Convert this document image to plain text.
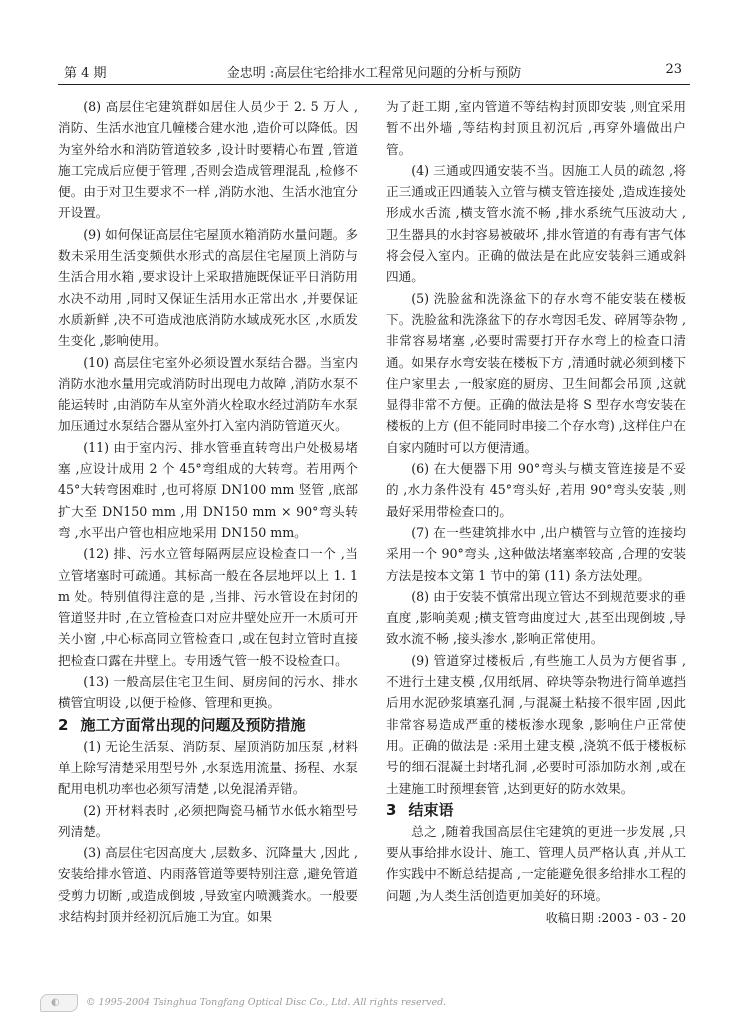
第 4 期	金忠明 :高层住宅给排水工程常见问题的分析与预防	23

(8) 高层住宅建筑群如居住人员少于 2. 5 万人 ,消防、生活水池宜几幢楼合建水池 ,造价可以降低。因为室外给水和消防管道较多 ,设计时要精心布置 ,管道施工完成后应便于管理 ,否则会造成管理混乱 ,检修不便。由于对卫生要求不一样 ,消防水池、生活水池宜分开设置。

(9) 如何保证高层住宅屋顶水箱消防水量问题。多数未采用生活变频供水形式的高层住宅屋顶上消防与生活合用水箱 ,要求设计上采取措施既保证平日消防用水决不动用 ,同时又保证生活用水正常出水 ,并要保证水质新鲜 ,决不可造成池底消防水域成死水区 ,水质发生变化 ,影响使用。

(10) 高层住宅室外必须设置水泵结合器。当室内消防水池水量用完或消防时出现电力故障 ,消防水泵不能运转时 ,由消防车从室外消火栓取水经过消防车水泵加压通过水泵结合器从室外打入室内消防管道灭火。

(11) 由于室内污、排水管垂直转弯出户处极易堵塞 ,应设计成用 2 个 45°弯组成的大转弯。若用两个 45°大转弯困难时 ,也可将原 DN100 mm 竖管 ,底部扩大至 DN150 mm ,用 DN150 mm × 90°弯头转弯 ,水平出户管也相应地采用 DN150 mm。

(12) 排、污水立管每隔两层应设检查口一个 ,当立管堵塞时可疏通。其标高一般在各层地坪以上 1. 1 m 处。特别值得注意的是 ,当排、污水管设在封闭的管道竖井时 ,在立管检查口对应井壁处应开一木质可开关小窗 ,中心标高同立管检查口 ,或在包封立管时直接把检查口露在井壁上。专用透气管一般不设检查口。

(13) 一般高层住宅卫生间、厨房间的污水、排水横管宜明设 ,以便于检修、管理和更换。

2 施工方面常出现的问题及预防措施

(1) 无论生活泵、消防泵、屋顶消防加压泵 ,材料单上除写清楚采用型号外 ,水泵选用流量、扬程、水泵配用电机功率也必须写清楚 ,以免混淆弄错。

(2) 开材料表时 ,必须把陶瓷马桶节水低水箱型号列清楚。

(3) 高层住宅因高度大 ,层数多、沉降量大 ,因此 ,安装给排水管道、内雨落管道等要特别注意 ,避免管道受剪力切断 ,或造成倒坡 ,导致室内喷溅粪水。一般要求结构封顶并经初沉后施工为宜。如果

为了赶工期 ,室内管道不等结构封顶即安装 ,则宜采用暂不出外墙 ,等结构封顶且初沉后 ,再穿外墙做出户管。

(4) 三通或四通安装不当。因施工人员的疏忽 ,将正三通或正四通装入立管与横支管连接处 ,造成连接处形成水舌流 ,横支管水流不畅 ,排水系统气压波动大 ,卫生器具的水封容易被破坏 ,排水管道的有毒有害气体将会侵入室内。正确的做法是在此应安装斜三通或斜四通。

(5) 洗脸盆和洗涤盆下的存水弯不能安装在楼板下。洗脸盆和洗涤盆下的存水弯因毛发、碎屑等杂物 ,非常容易堵塞 ,必要时需要打开存水弯上的检查口清通。如果存水弯安装在楼板下方 ,清通时就必须到楼下住户家里去 ,一般家庭的厨房、卫生间都会吊顶 ,这就显得非常不方便。正确的做法是将 S 型存水弯安装在楼板的上方 (但不能同时串接二个存水弯) ,这样住户在自家内随时可以方便清通。

(6) 在大便器下用 90°弯头与横支管连接是不妥的 ,水力条件没有 45°弯头好 ,若用 90°弯头安装 ,则最好采用带检查口的。

(7) 在一些建筑排水中 ,出户横管与立管的连接均采用一个 90°弯头 ,这种做法堵塞率较高 ,合理的安装方法是按本文第 1 节中的第 (11) 条方法处理。

(8) 由于安装不慎常出现立管达不到规范要求的垂直度 ,影响美观 ;横支管弯曲度过大 ,甚至出现倒坡 ,导致水流不畅 ,接头渗水 ,影响正常使用。

(9) 管道穿过楼板后 ,有些施工人员为方便省事 ,不进行土建支模 ,仅用纸屑、碎块等杂物进行简单遮挡后用水泥砂浆填塞孔洞 ,与混凝土粘接不很牢固 ,因此非常容易造成严重的楼板渗水现象 ,影响住户正常使用。正确的做法是 :采用土建支模 ,浇筑不低于楼板标号的细石混凝土封堵孔洞 ,必要时可添加防水剂 ,或在土建施工时预埋套管 ,达到更好的防水效果。

3 结束语

总之 ,随着我国高层住宅建筑的更进一步发展 ,只要从事给排水设计、施工、管理人员严格认真 ,并从工作实践中不断总结提高 ,一定能避免很多给排水工程的问题 ,为人类生活创造更加美好的环境。

收稿日期 :2003 - 03 - 20

◐	© 1995-2004 Tsinghua Tongfang Optical Disc Co., Ltd. All rights reserved.
